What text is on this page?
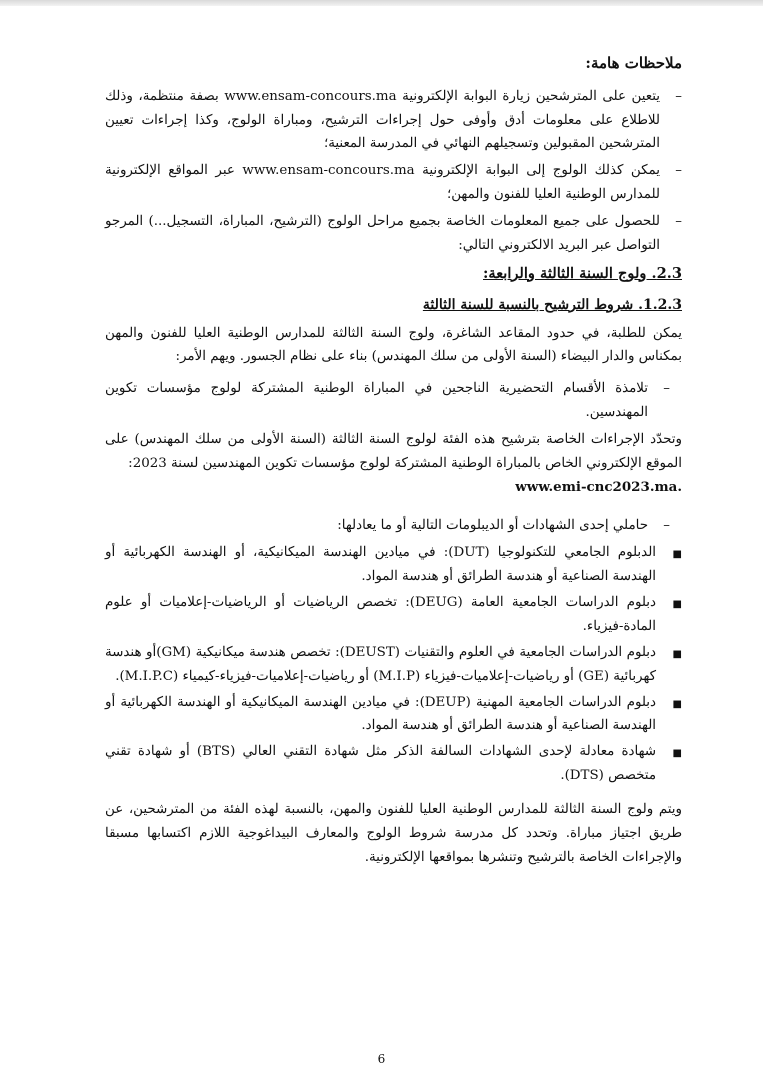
ملاحظات هامة:
–
يتعين على المترشحين زيارة البوابة الإلكترونية www.ensam-concours.ma بصفة منتظمة، وذلك للاطلاع على معلومات أدق وأوفى حول إجراءات الترشيح، ومباراة الولوج، وكذا إجراءات تعيين المترشحين المقبولين وتسجيلهم النهائي في المدرسة المعنية؛
–
يمكن كذلك الولوج إلى البوابة الإلكترونية www.ensam-concours.ma عبر المواقع الإلكترونية للمدارس الوطنية العليا للفنون والمهن؛
–
للحصول على جميع المعلومات الخاصة بجميع مراحل الولوج (الترشيح، المباراة، التسجيل...) المرجو التواصل عبر البريد الالكتروني التالي:
2.3. ولوج السنة الثالثة والرابعة:
1.2.3. شروط الترشيح بالنسبة للسنة الثالثة

يمكن للطلبة، في حدود المقاعد الشاغرة، ولوج السنة الثالثة للمدارس الوطنية العليا للفنون والمهن بمكناس والدار البيضاء (السنة الأولى من سلك المهندس) بناء على نظام الجسور. ويهم الأمر:

–
تلامذة الأقسام التحضيرية الناجحين في المباراة الوطنية المشتركة لولوج مؤسسات تكوين المهندسين.

وتحدّد الإجراءات الخاصة بترشيح هذه الفئة لولوج السنة الثالثة (السنة الأولى من سلك المهندس) على الموقع الإلكتروني الخاص بالمباراة الوطنية المشتركة لولوج مؤسسات تكوين المهندسين لسنة 2023:
www.emi-cnc2023.ma.

–
حاملي إحدى الشهادات أو الديبلومات التالية أو ما يعادلها:
■
الدبلوم الجامعي للتكنولوجيا (DUT): في ميادين الهندسة الميكانيكية، أو الهندسة الكهربائية أو الهندسة الصناعية أو هندسة الطرائق أو هندسة المواد.
■
دبلوم الدراسات الجامعية العامة (DEUG): تخصص الرياضيات أو الرياضيات-إعلاميات أو علوم المادة-فيزياء.
■
دبلوم الدراسات الجامعية في العلوم والتقنيات (DEUST): تخصص هندسة ميكانيكية (GM)أو هندسة كهربائية (GE) أو رياضيات-إعلاميات-فيزياء (M.I.P) أو رياضيات-إعلاميات-فيزياء-كيمياء (M.I.P.C).
■
دبلوم الدراسات الجامعية المهنية (DEUP): في ميادين الهندسة الميكانيكية أو الهندسة الكهربائية أو الهندسة الصناعية أو هندسة الطرائق أو هندسة المواد.
■
شهادة معادلة لإحدى الشهادات السالفة الذكر مثل شهادة التقني العالي (BTS) أو شهادة تقني متخصص (DTS).

ويتم ولوج السنة الثالثة للمدارس الوطنية العليا للفنون والمهن، بالنسبة لهذه الفئة من المترشحين، عن طريق اجتياز مباراة. وتحدد كل مدرسة شروط الولوج والمعارف البيداغوجية اللازم اكتسابها مسبقا والإجراءات الخاصة بالترشيح وتنشرها بمواقعها الإلكترونية.

6
